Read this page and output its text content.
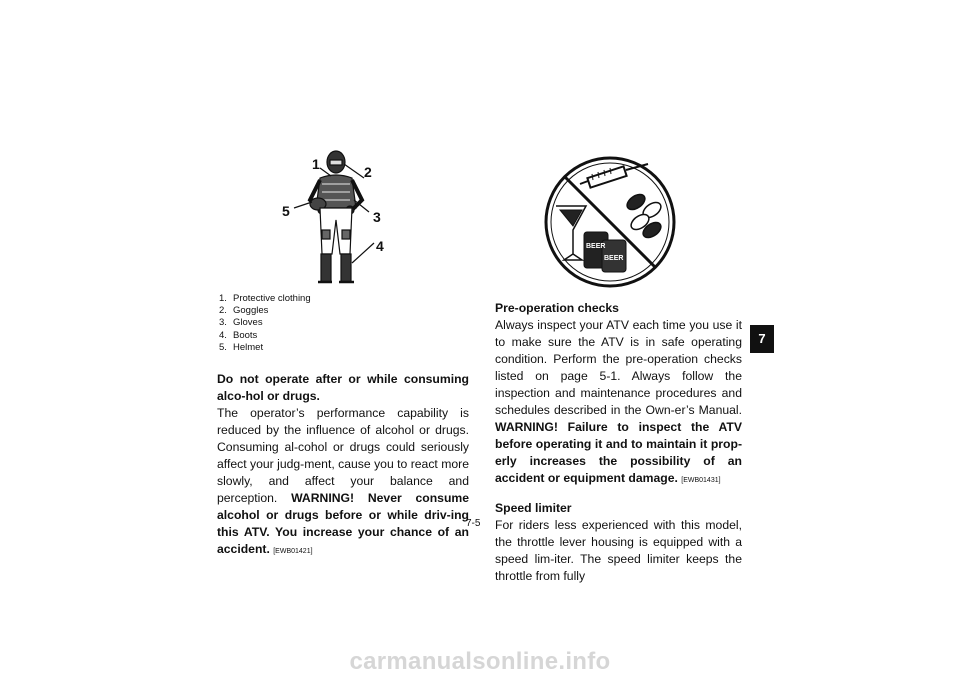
1	2
3
4
5
BEER
BEER
1. Protective clothing
2. Goggles
3. Gloves
4. Boots
5. Helmet

Do not operate after or while consuming alco-hol or drugs.

The operator’s performance capability is reduced by the influence of alcohol or drugs. Consuming al-cohol or drugs could seriously affect your judg-ment, cause you to react more slowly, and affect your balance and perception. WARNING! Never consume alcohol or drugs before or while driv-ing this ATV. You increase your chance of an accident. [EWB01421]

Pre-operation checks

Always inspect your ATV each time you use it to make sure the ATV is in safe operating condition. Perform the pre-operation checks listed on page 5-1. Always follow the inspection and maintenance procedures and schedules described in the Own-er’s Manual. WARNING! Failure to inspect the ATV before operating it and to maintain it prop-erly increases the possibility of an accident or equipment damage. [EWB01431]

Speed limiter

For riders less experienced with this model, the throttle lever housing is equipped with a speed lim-iter. The speed limiter keeps the throttle from fully

7
7-5
carmanualsonline.info
